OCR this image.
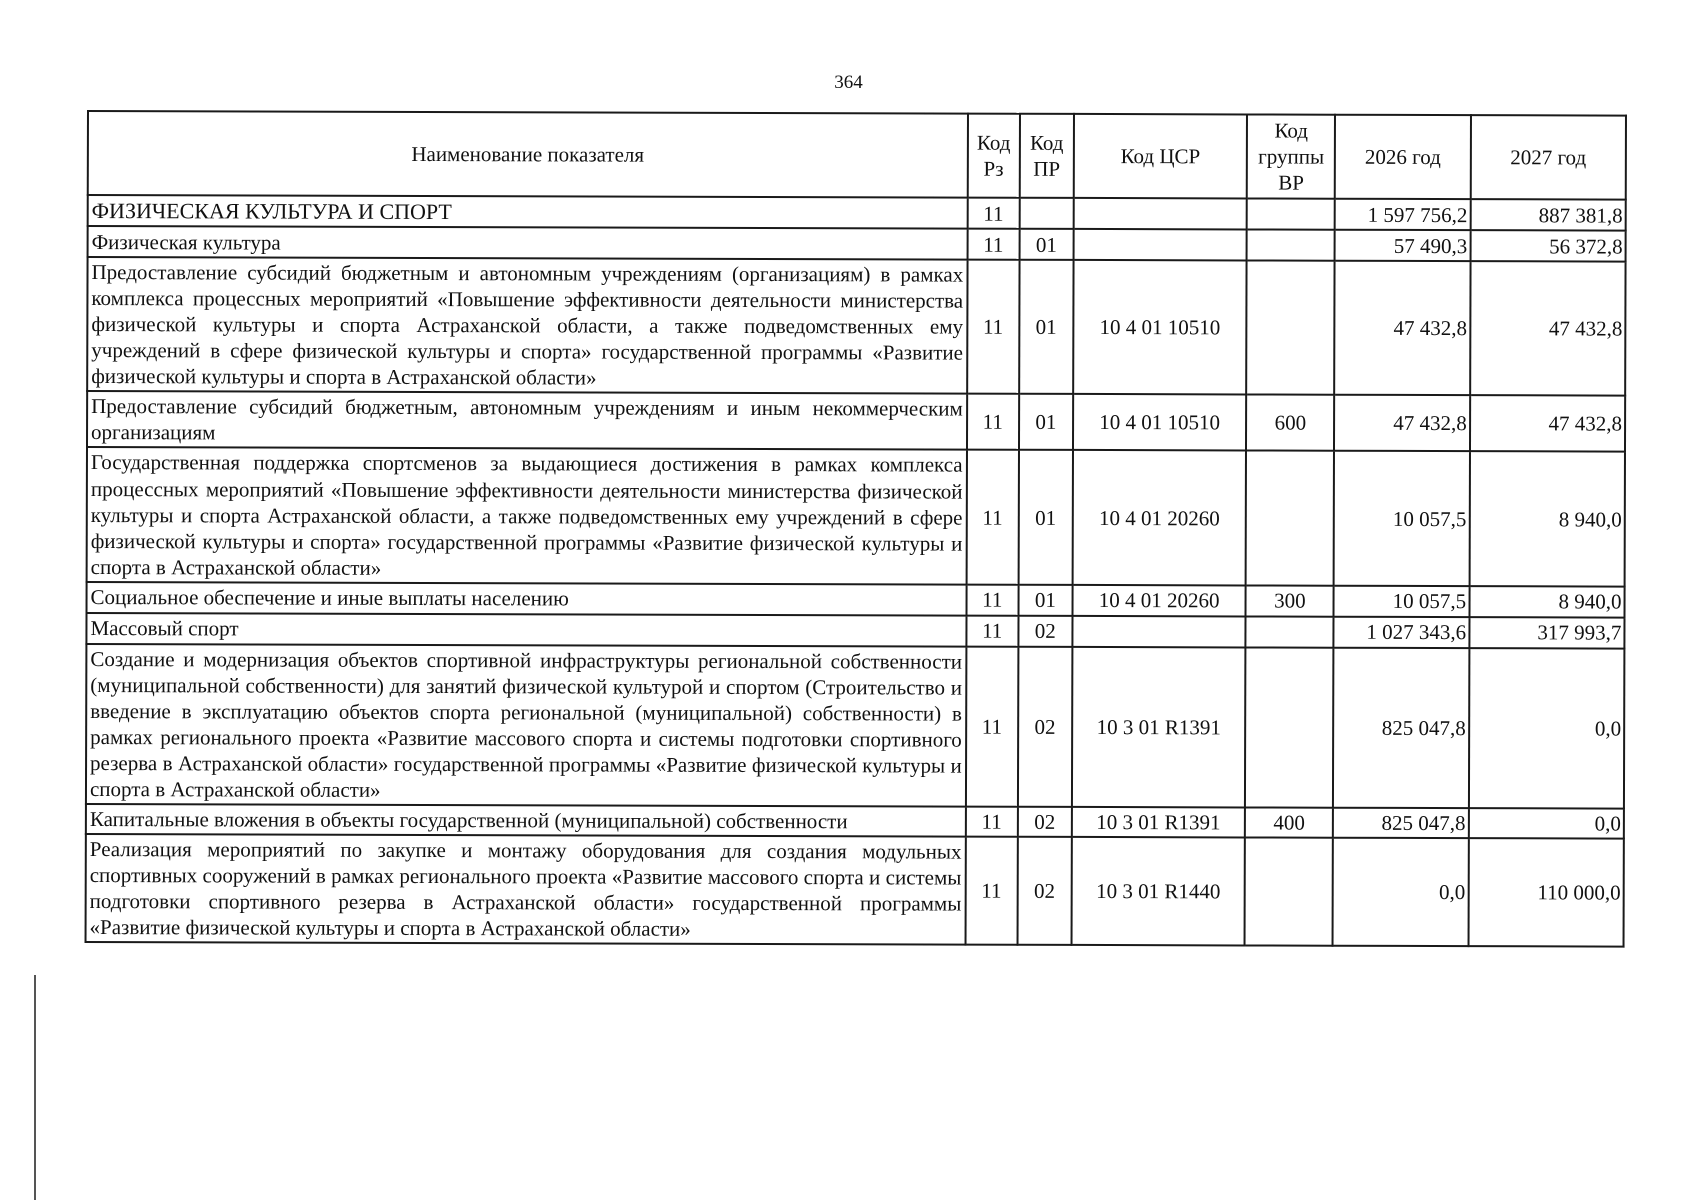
364
Наименование показателя	Код Рз	Код ПР	Код ЦСР	Код группы ВР	2026 год	2027 год
ФИЗИЧЕСКАЯ КУЛЬТУРА И СПОРТ	11				1 597 756,2	887 381,8
Физическая культура	11	01			57 490,3	56 372,8
Предоставление субсидий бюджетным и автономным учреждениям (организациям) в рамках комплекса процессных мероприятий «Повышение эффективности деятельности министерства физической культуры и спорта Астраханской области, а также подведомственных ему учреждений в сфере физической культуры и спорта» государственной программы «Развитие физической культуры и спорта в Астраханской области»	11	01	10 4 01 10510		47 432,8	47 432,8
Предоставление субсидий бюджетным, автономным учреждениям и иным некоммерческим организациям	11	01	10 4 01 10510	600	47 432,8	47 432,8
Государственная поддержка спортсменов за выдающиеся достижения в рамках комплекса процессных мероприятий «Повышение эффективности деятельности министерства физической культуры и спорта Астраханской области, а также подведомственных ему учреждений в сфере физической культуры и спорта» государственной программы «Развитие физической культуры и спорта в Астраханской области»	11	01	10 4 01 20260		10 057,5	8 940,0
Социальное обеспечение и иные выплаты населению	11	01	10 4 01 20260	300	10 057,5	8 940,0
Массовый спорт	11	02			1 027 343,6	317 993,7
Создание и модернизация объектов спортивной инфраструктуры региональной собственности (муниципальной собственности) для занятий физической культурой и спортом (Строительство и введение в эксплуатацию объектов спорта региональной (муниципальной) собственности) в рамках регионального проекта «Развитие массового спорта и системы подготовки спортивного резерва в Астраханской области» государственной программы «Развитие физической культуры и спорта в Астраханской области»	11	02	10 3 01 R1391		825 047,8	0,0
Капитальные вложения в объекты государственной (муниципальной) собственности	11	02	10 3 01 R1391	400	825 047,8	0,0
Реализация мероприятий по закупке и монтажу оборудования для создания модульных спортивных сооружений в рамках регионального проекта «Развитие массового спорта и системы подготовки спортивного резерва в Астраханской области» государственной программы «Развитие физической культуры и спорта в Астраханской области»	11	02	10 3 01 R1440		0,0	110 000,0
